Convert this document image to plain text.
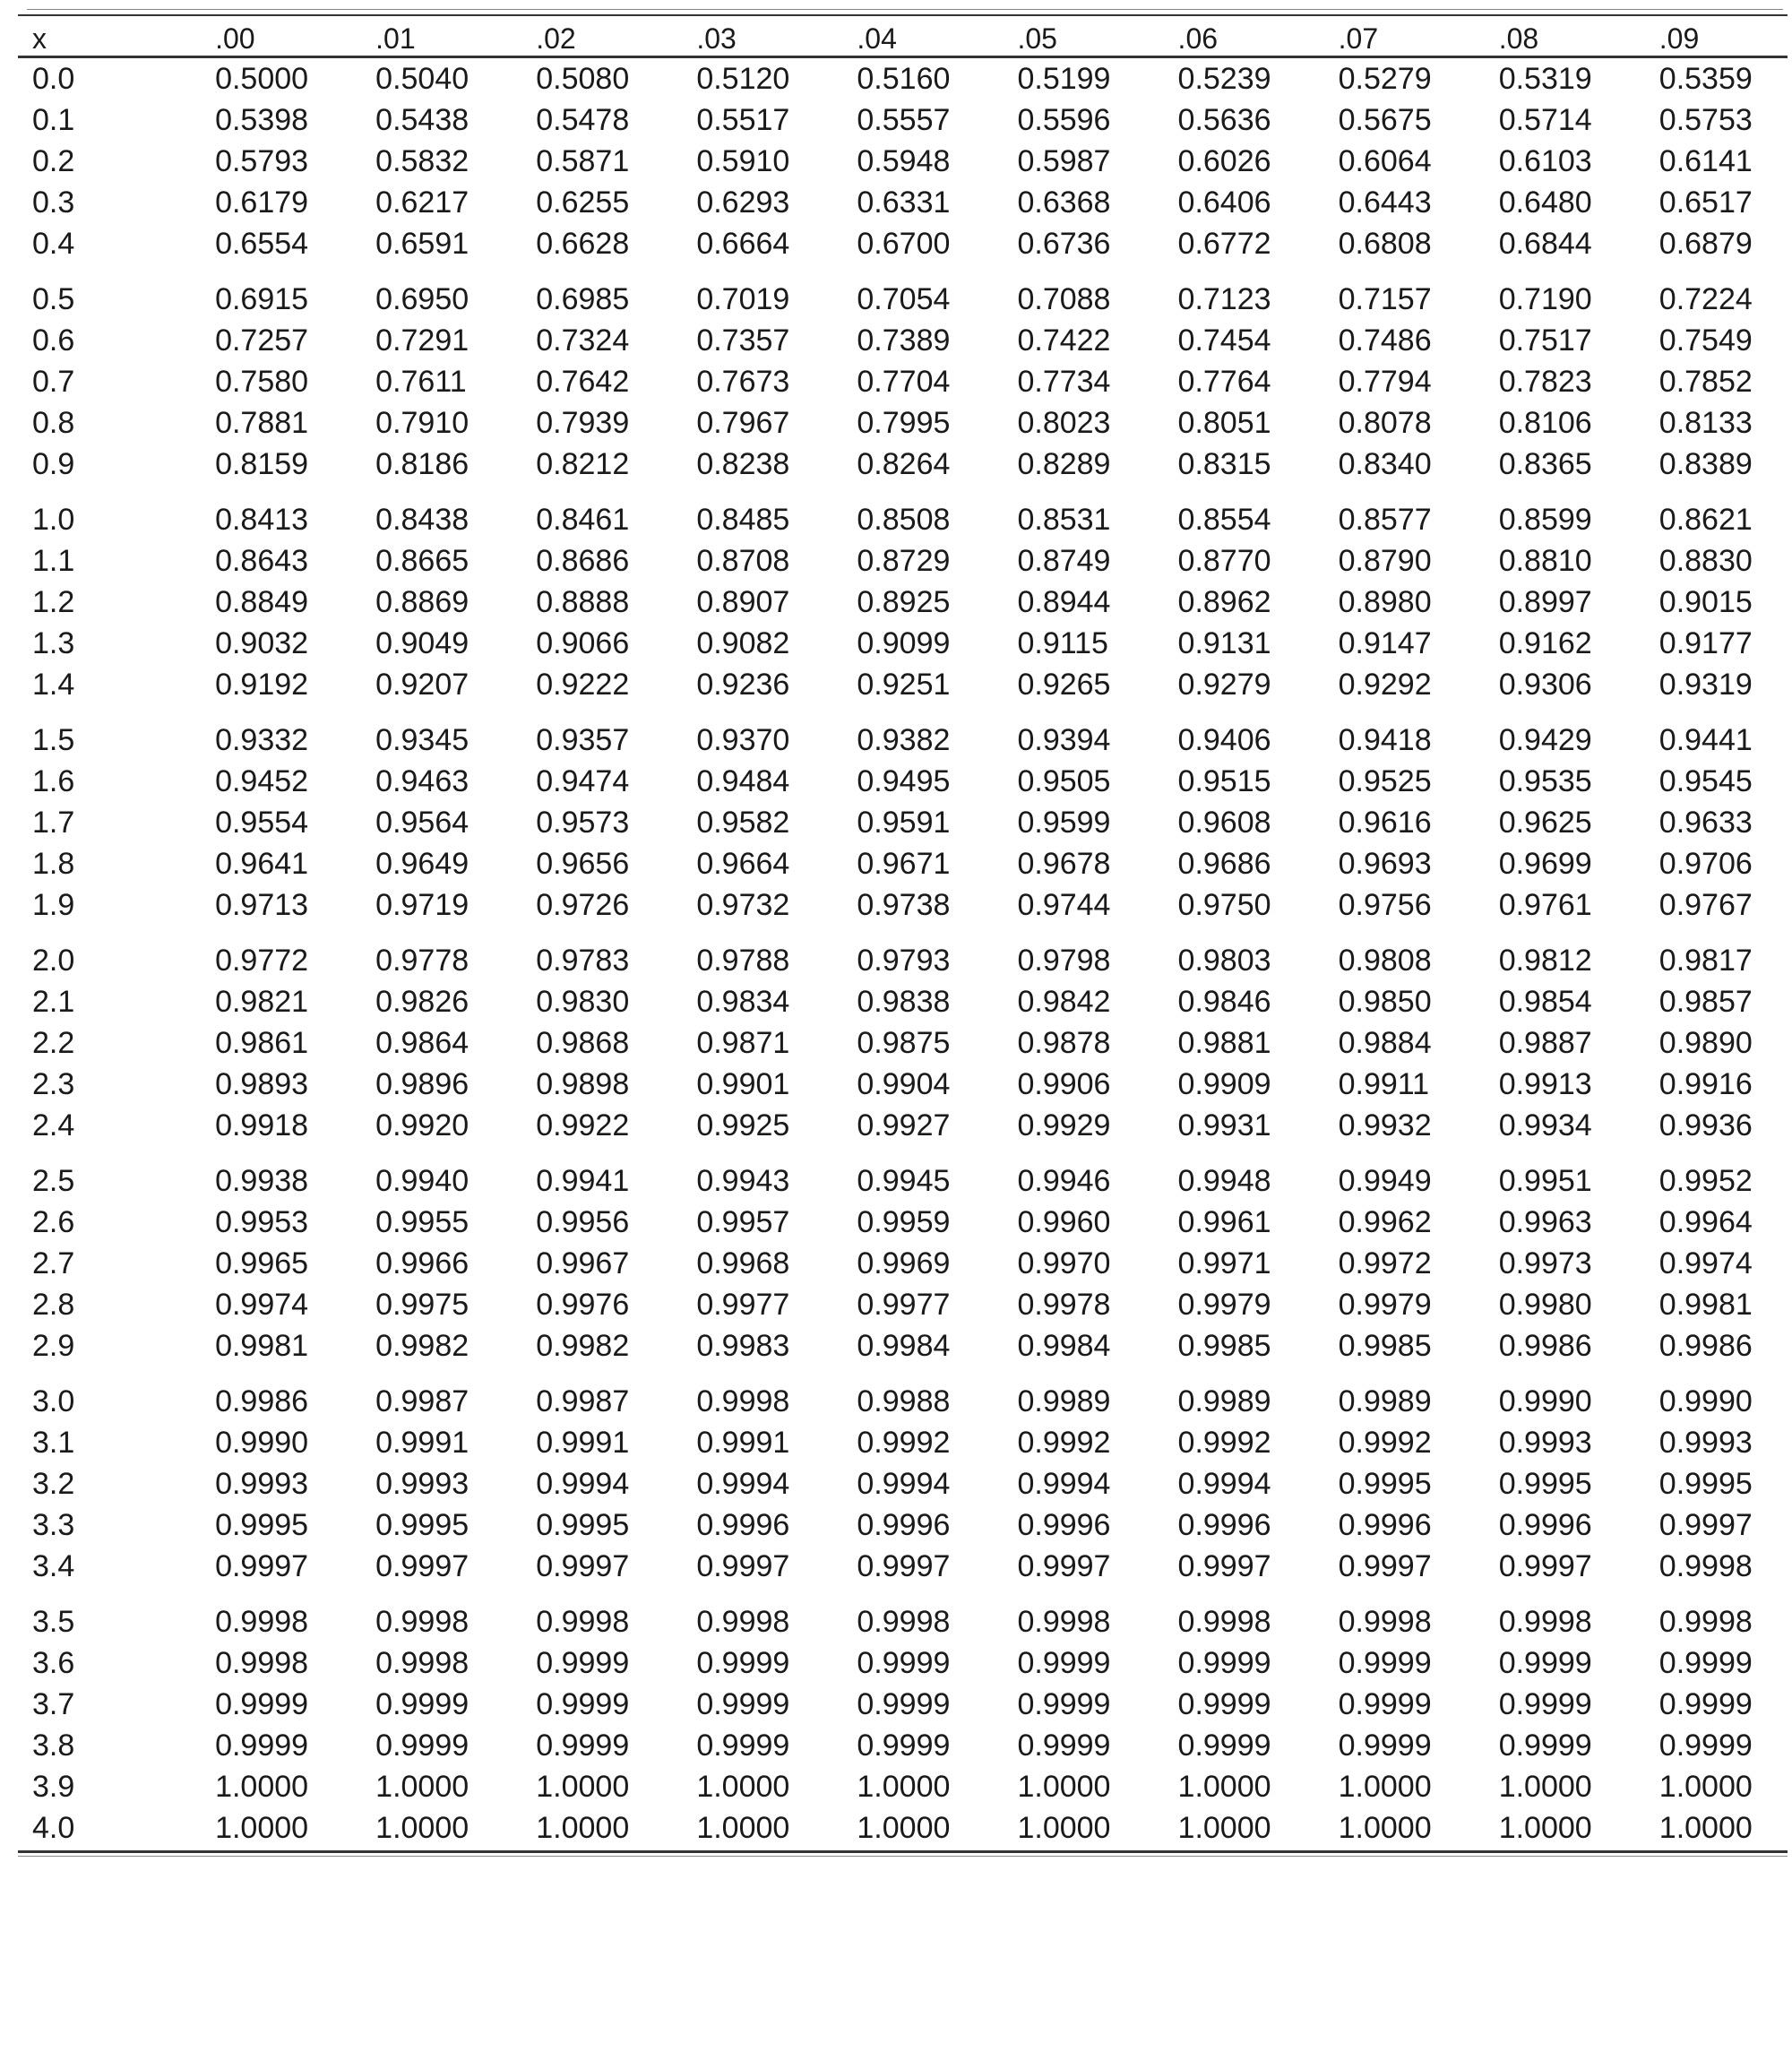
x	.00	.01	.02	.03	.04	.05	.06	.07	.08	.09
0.0	0.5000	0.5040	0.5080	0.5120	0.5160	0.5199	0.5239	0.5279	0.5319	0.5359
0.1	0.5398	0.5438	0.5478	0.5517	0.5557	0.5596	0.5636	0.5675	0.5714	0.5753
0.2	0.5793	0.5832	0.5871	0.5910	0.5948	0.5987	0.6026	0.6064	0.6103	0.6141
0.3	0.6179	0.6217	0.6255	0.6293	0.6331	0.6368	0.6406	0.6443	0.6480	0.6517
0.4	0.6554	0.6591	0.6628	0.6664	0.6700	0.6736	0.6772	0.6808	0.6844	0.6879

0.5	0.6915	0.6950	0.6985	0.7019	0.7054	0.7088	0.7123	0.7157	0.7190	0.7224
0.6	0.7257	0.7291	0.7324	0.7357	0.7389	0.7422	0.7454	0.7486	0.7517	0.7549
0.7	0.7580	0.7611	0.7642	0.7673	0.7704	0.7734	0.7764	0.7794	0.7823	0.7852
0.8	0.7881	0.7910	0.7939	0.7967	0.7995	0.8023	0.8051	0.8078	0.8106	0.8133
0.9	0.8159	0.8186	0.8212	0.8238	0.8264	0.8289	0.8315	0.8340	0.8365	0.8389

1.0	0.8413	0.8438	0.8461	0.8485	0.8508	0.8531	0.8554	0.8577	0.8599	0.8621
1.1	0.8643	0.8665	0.8686	0.8708	0.8729	0.8749	0.8770	0.8790	0.8810	0.8830
1.2	0.8849	0.8869	0.8888	0.8907	0.8925	0.8944	0.8962	0.8980	0.8997	0.9015
1.3	0.9032	0.9049	0.9066	0.9082	0.9099	0.9115	0.9131	0.9147	0.9162	0.9177
1.4	0.9192	0.9207	0.9222	0.9236	0.9251	0.9265	0.9279	0.9292	0.9306	0.9319

1.5	0.9332	0.9345	0.9357	0.9370	0.9382	0.9394	0.9406	0.9418	0.9429	0.9441
1.6	0.9452	0.9463	0.9474	0.9484	0.9495	0.9505	0.9515	0.9525	0.9535	0.9545
1.7	0.9554	0.9564	0.9573	0.9582	0.9591	0.9599	0.9608	0.9616	0.9625	0.9633
1.8	0.9641	0.9649	0.9656	0.9664	0.9671	0.9678	0.9686	0.9693	0.9699	0.9706
1.9	0.9713	0.9719	0.9726	0.9732	0.9738	0.9744	0.9750	0.9756	0.9761	0.9767

2.0	0.9772	0.9778	0.9783	0.9788	0.9793	0.9798	0.9803	0.9808	0.9812	0.9817
2.1	0.9821	0.9826	0.9830	0.9834	0.9838	0.9842	0.9846	0.9850	0.9854	0.9857
2.2	0.9861	0.9864	0.9868	0.9871	0.9875	0.9878	0.9881	0.9884	0.9887	0.9890
2.3	0.9893	0.9896	0.9898	0.9901	0.9904	0.9906	0.9909	0.9911	0.9913	0.9916
2.4	0.9918	0.9920	0.9922	0.9925	0.9927	0.9929	0.9931	0.9932	0.9934	0.9936

2.5	0.9938	0.9940	0.9941	0.9943	0.9945	0.9946	0.9948	0.9949	0.9951	0.9952
2.6	0.9953	0.9955	0.9956	0.9957	0.9959	0.9960	0.9961	0.9962	0.9963	0.9964
2.7	0.9965	0.9966	0.9967	0.9968	0.9969	0.9970	0.9971	0.9972	0.9973	0.9974
2.8	0.9974	0.9975	0.9976	0.9977	0.9977	0.9978	0.9979	0.9979	0.9980	0.9981
2.9	0.9981	0.9982	0.9982	0.9983	0.9984	0.9984	0.9985	0.9985	0.9986	0.9986

3.0	0.9986	0.9987	0.9987	0.9998	0.9988	0.9989	0.9989	0.9989	0.9990	0.9990
3.1	0.9990	0.9991	0.9991	0.9991	0.9992	0.9992	0.9992	0.9992	0.9993	0.9993
3.2	0.9993	0.9993	0.9994	0.9994	0.9994	0.9994	0.9994	0.9995	0.9995	0.9995
3.3	0.9995	0.9995	0.9995	0.9996	0.9996	0.9996	0.9996	0.9996	0.9996	0.9997
3.4	0.9997	0.9997	0.9997	0.9997	0.9997	0.9997	0.9997	0.9997	0.9997	0.9998

3.5	0.9998	0.9998	0.9998	0.9998	0.9998	0.9998	0.9998	0.9998	0.9998	0.9998
3.6	0.9998	0.9998	0.9999	0.9999	0.9999	0.9999	0.9999	0.9999	0.9999	0.9999
3.7	0.9999	0.9999	0.9999	0.9999	0.9999	0.9999	0.9999	0.9999	0.9999	0.9999
3.8	0.9999	0.9999	0.9999	0.9999	0.9999	0.9999	0.9999	0.9999	0.9999	0.9999
3.9	1.0000	1.0000	1.0000	1.0000	1.0000	1.0000	1.0000	1.0000	1.0000	1.0000
4.0	1.0000	1.0000	1.0000	1.0000	1.0000	1.0000	1.0000	1.0000	1.0000	1.0000
